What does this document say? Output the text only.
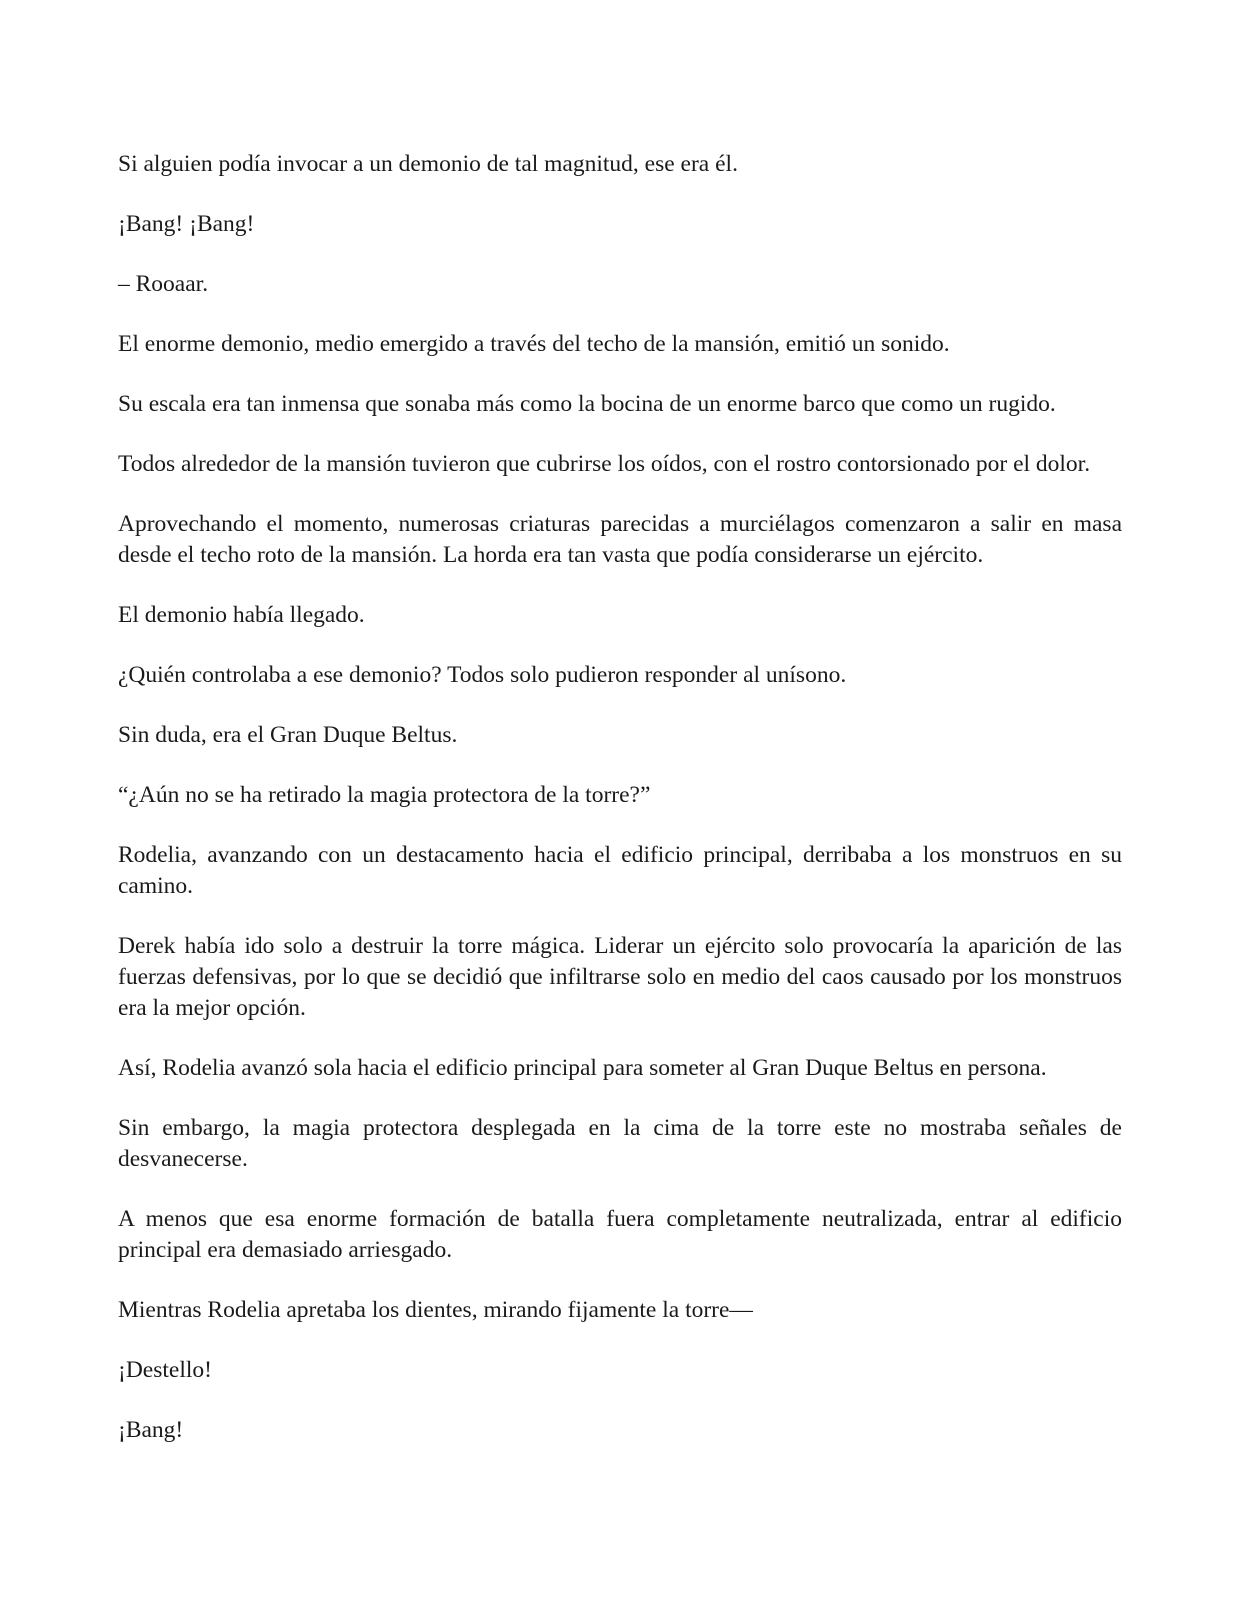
Si alguien podía invocar a un demonio de tal magnitud, ese era él.

¡Bang! ¡Bang!

– Rooaar.

El enorme demonio, medio emergido a través del techo de la mansión, emitió un sonido.

Su escala era tan inmensa que sonaba más como la bocina de un enorme barco que como un rugido.

Todos alrededor de la mansión tuvieron que cubrirse los oídos, con el rostro contorsionado por el dolor.

Aprovechando el momento, numerosas criaturas parecidas a murciélagos comenzaron a salir en masa desde el techo roto de la mansión. La horda era tan vasta que podía considerarse un ejército.

El demonio había llegado.

¿Quién controlaba a ese demonio? Todos solo pudieron responder al unísono.

Sin duda, era el Gran Duque Beltus.

“¿Aún no se ha retirado la magia protectora de la torre?”

Rodelia, avanzando con un destacamento hacia el edificio principal, derribaba a los monstruos en su camino.

Derek había ido solo a destruir la torre mágica. Liderar un ejército solo provocaría la aparición de las fuerzas defensivas, por lo que se decidió que infiltrarse solo en medio del caos causado por los monstruos era la mejor opción.

Así, Rodelia avanzó sola hacia el edificio principal para someter al Gran Duque Beltus en persona.

Sin embargo, la magia protectora desplegada en la cima de la torre este no mostraba señales de desvanecerse.

A menos que esa enorme formación de batalla fuera completamente neutralizada, entrar al edificio principal era demasiado arriesgado.

Mientras Rodelia apretaba los dientes, mirando fijamente la torre—

¡Destello!

¡Bang!
